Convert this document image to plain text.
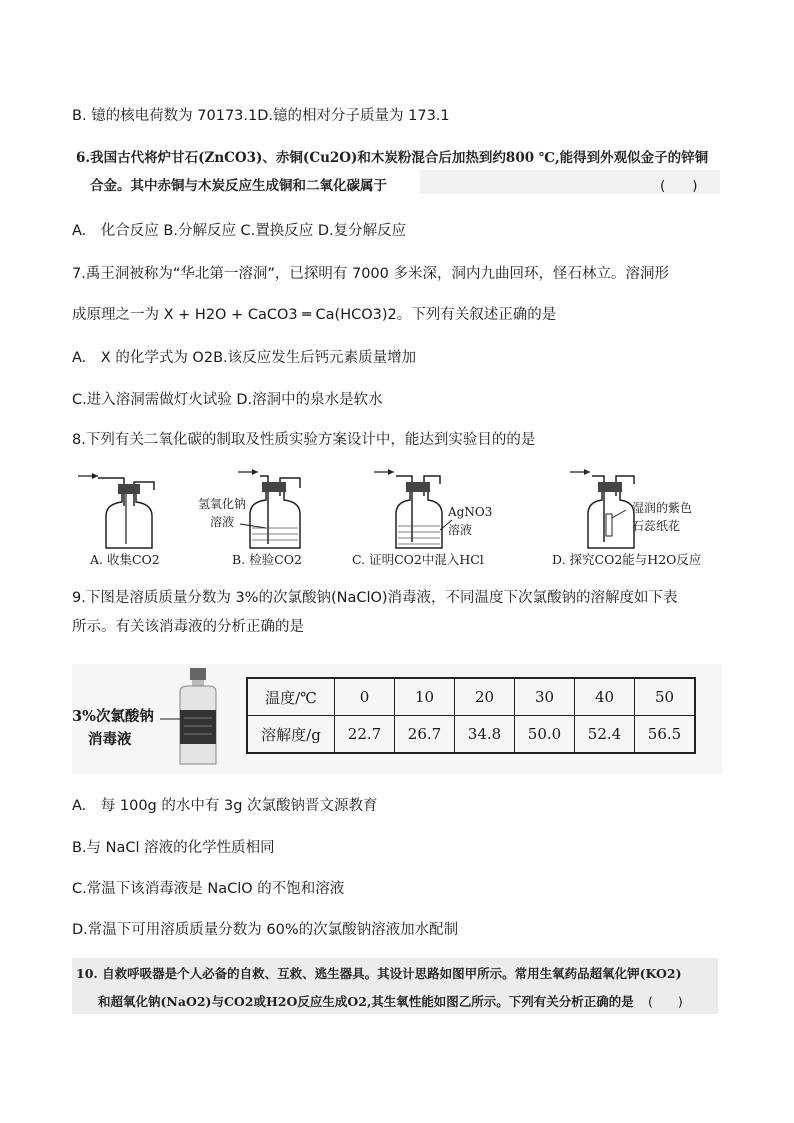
B. 镱的核电荷数为 70173.1D.镱的相对分子质量为 173.1
6.我国古代将炉甘石(ZnCO3)、赤铜(Cu2O)和木炭粉混合后加热到约800 ℃,能得到外观似金子的锌铜
合金。其中赤铜与木炭反应生成铜和二氧化碳属于	(　　)
A.　化合反应 B.分解反应 C.置换反应 D.复分解反应
7.禹王洞被称为“华北第一溶洞”，已探明有 7000 多米深，洞内九曲回环，怪石林立。溶洞形
成原理之一为 X + H2O + CaCO3 ═ Ca(HCO3)2。下列有关叙述正确的是
A.　X 的化学式为 O2B.该反应发生后钙元素质量增加
C.进入溶洞需做灯火试验 D.溶洞中的泉水是软水
8.下列有关二氧化碳的制取及性质实验方案设计中，能达到实验目的的是
A. 收集CO2
氢氧化钠
溶液
B. 检验CO2
AgNO3
溶液
C. 证明CO2中混入HCl
湿润的紫色
石蕊纸花
D. 探究CO2能与H2O反应
9.下图是溶质质量分数为 3%的次氯酸钠(NaClO)消毒液，不同温度下次氯酸钠的溶解度如下表
所示。有关该消毒液的分析正确的是
3%次氯酸钠
消毒液
温度/℃	0	10	20	30	40	50
溶解度/g	22.7	26.7	34.8	50.0	52.4	56.5
A.　每 100g 的水中有 3g 次氯酸钠晋文源教育
B.与 NaCl 溶液的化学性质相同
C.常温下该消毒液是 NaClO 的不饱和溶液
D.常温下可用溶质质量分数为 60%的次氯酸钠溶液加水配制
10. 自救呼吸器是个人必备的自救、互救、逃生器具。其设计思路如图甲所示。常用生氧药品超氧化钾(KO2)
和超氧化钠(NaO2)与CO2或H2O反应生成O2,其生氧性能如图乙所示。下列有关分析正确的是 (　　)
